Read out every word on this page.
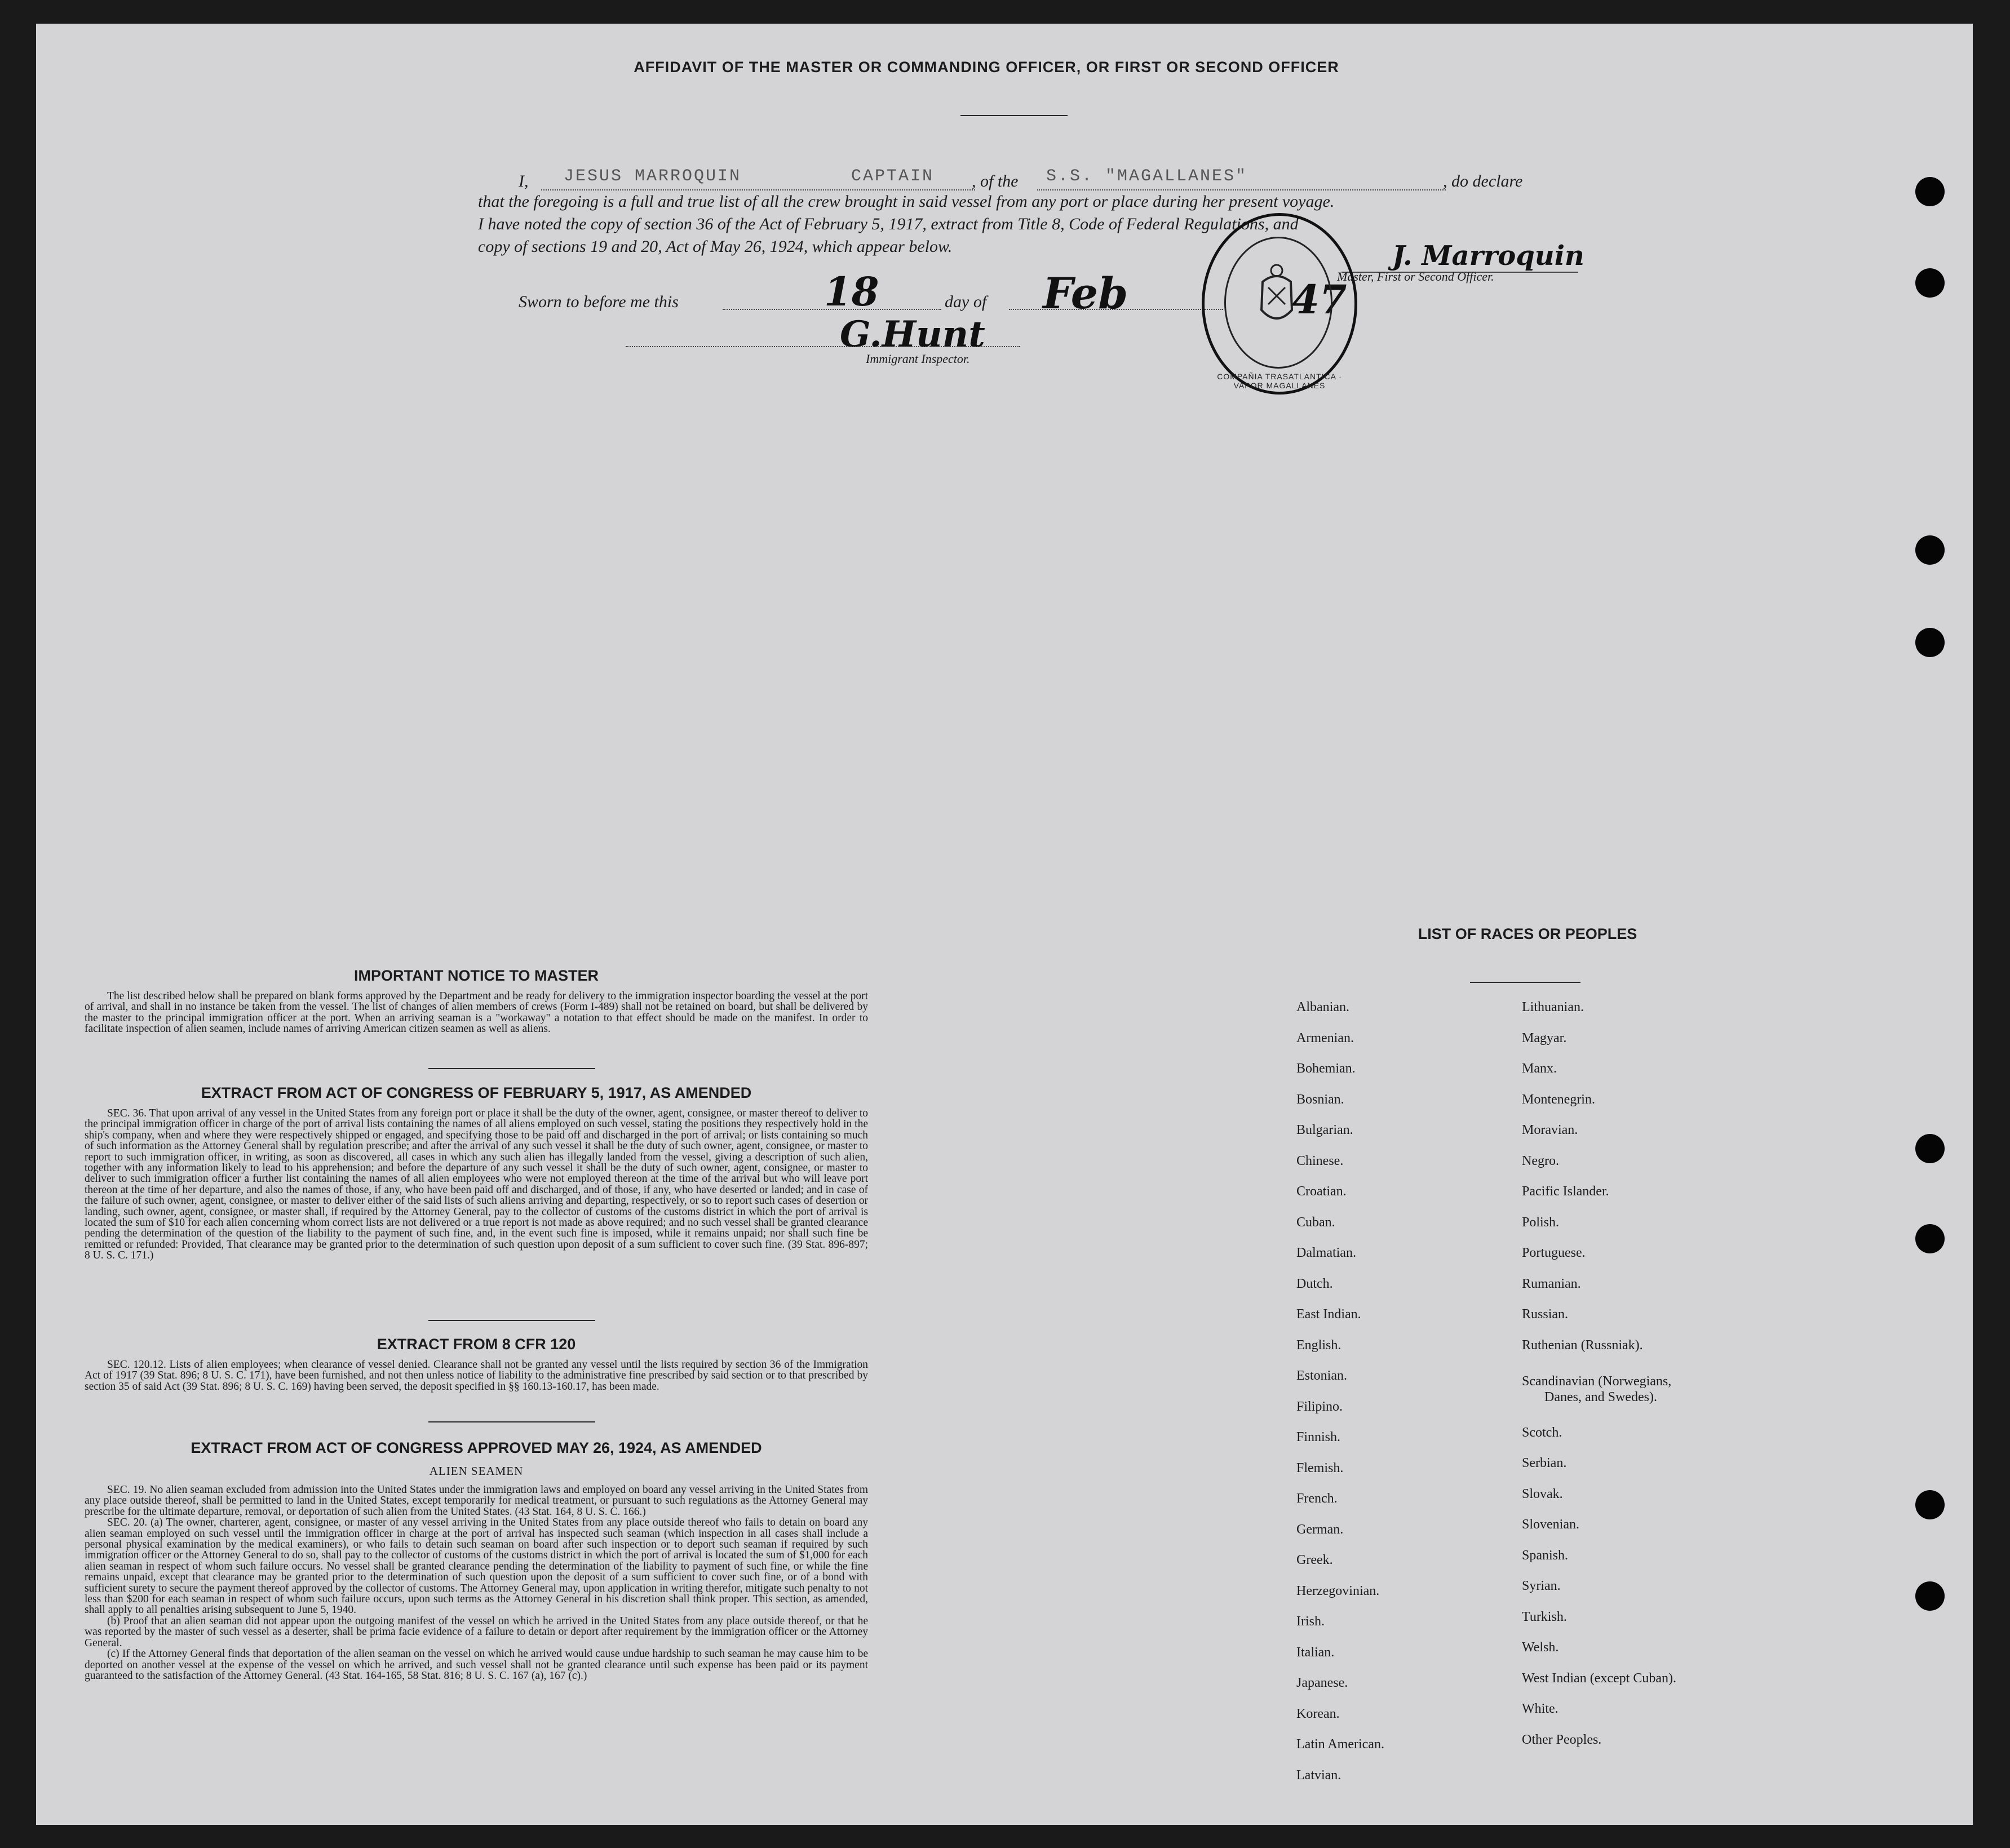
AFFIDAVIT OF THE MASTER OR COMMANDING OFFICER, OR FIRST OR SECOND OFFICER
I, JESUS MARROQUIN	CAPTAIN , of the S.S. "MAGALLANES"	, do declare
that the foregoing is a full and true list of all the crew brought in said vessel from any port or place during her present voyage.
I have noted the copy of section 36 of the Act of February 5, 1917, extract from Title 8, Code of Federal Regulations, and
copy of sections 19 and 20, Act of May 26, 1924, which appear below.
Sworn to before me this	18	day of Feb	47
J. Marroquin
Master, First or Second Officer.
G.Hunt
Immigrant Inspector.
COMPAÑIA TRASATLANTICA · VAPOR MAGALLANES
IMPORTANT NOTICE TO MASTER

The list described below shall be prepared on blank forms approved by the Department and be ready for delivery to the immigration inspector boarding the vessel at the port of arrival, and shall in no instance be taken from the vessel. The list of changes of alien members of crews (Form I-489) shall not be retained on board, but shall be delivered by the master to the principal immigration officer at the port. When an arriving seaman is a "workaway" a notation to that effect should be made on the manifest. In order to facilitate inspection of alien seamen, include names of arriving American citizen seamen as well as aliens.

EXTRACT FROM ACT OF CONGRESS OF FEBRUARY 5, 1917, AS AMENDED

SEC. 36. That upon arrival of any vessel in the United States from any foreign port or place it shall be the duty of the owner, agent, consignee, or master thereof to deliver to the principal immigration officer in charge of the port of arrival lists containing the names of all aliens employed on such vessel, stating the positions they respectively hold in the ship's company, when and where they were respectively shipped or engaged, and specifying those to be paid off and discharged in the port of arrival; or lists containing so much of such information as the Attorney General shall by regulation prescribe; and after the arrival of any such vessel it shall be the duty of such owner, agent, consignee, or master to report to such immigration officer, in writing, as soon as discovered, all cases in which any such alien has illegally landed from the vessel, giving a description of such alien, together with any information likely to lead to his apprehension; and before the departure of any such vessel it shall be the duty of such owner, agent, consignee, or master to deliver to such immigration officer a further list containing the names of all alien employees who were not employed thereon at the time of the arrival but who will leave port thereon at the time of her departure, and also the names of those, if any, who have been paid off and discharged, and of those, if any, who have deserted or landed; and in case of the failure of such owner, agent, consignee, or master to deliver either of the said lists of such aliens arriving and departing, respectively, or so to report such cases of desertion or landing, such owner, agent, consignee, or master shall, if required by the Attorney General, pay to the collector of customs of the customs district in which the port of arrival is located the sum of $10 for each alien concerning whom correct lists are not delivered or a true report is not made as above required; and no such vessel shall be granted clearance pending the determination of the question of the liability to the payment of such fine, and, in the event such fine is imposed, while it remains unpaid; nor shall such fine be remitted or refunded: Provided, That clearance may be granted prior to the determination of such question upon deposit of a sum sufficient to cover such fine. (39 Stat. 896-897; 8 U. S. C. 171.)

EXTRACT FROM 8 CFR 120

SEC. 120.12. Lists of alien employees; when clearance of vessel denied. Clearance shall not be granted any vessel until the lists required by section 36 of the Immigration Act of 1917 (39 Stat. 896; 8 U. S. C. 171), have been furnished, and not then unless notice of liability to the administrative fine prescribed by said section or to that prescribed by section 35 of said Act (39 Stat. 896; 8 U. S. C. 169) having been served, the deposit specified in §§ 160.13-160.17, has been made.

EXTRACT FROM ACT OF CONGRESS APPROVED MAY 26, 1924, AS AMENDED
ALIEN SEAMEN

SEC. 19. No alien seaman excluded from admission into the United States under the immigration laws and employed on board any vessel arriving in the United States from any place outside thereof, shall be permitted to land in the United States, except temporarily for medical treatment, or pursuant to such regulations as the Attorney General may prescribe for the ultimate departure, removal, or deportation of such alien from the United States. (43 Stat. 164, 8 U. S. C. 166.)

SEC. 20. (a) The owner, charterer, agent, consignee, or master of any vessel arriving in the United States from any place outside thereof who fails to detain on board any alien seaman employed on such vessel until the immigration officer in charge at the port of arrival has inspected such seaman (which inspection in all cases shall include a personal physical examination by the medical examiners), or who fails to detain such seaman on board after such inspection or to deport such seaman if required by such immigration officer or the Attorney General to do so, shall pay to the collector of customs of the customs district in which the port of arrival is located the sum of $1,000 for each alien seaman in respect of whom such failure occurs. No vessel shall be granted clearance pending the determination of the liability to payment of such fine, or while the fine remains unpaid, except that clearance may be granted prior to the determination of such question upon the deposit of a sum sufficient to cover such fine, or of a bond with sufficient surety to secure the payment thereof approved by the collector of customs. The Attorney General may, upon application in writing therefor, mitigate such penalty to not less than $200 for each seaman in respect of whom such failure occurs, upon such terms as the Attorney General in his discretion shall think proper. This section, as amended, shall apply to all penalties arising subsequent to June 5, 1940.

(b) Proof that an alien seaman did not appear upon the outgoing manifest of the vessel on which he arrived in the United States from any place outside thereof, or that he was reported by the master of such vessel as a deserter, shall be prima facie evidence of a failure to detain or deport after requirement by the immigration officer or the Attorney General.

(c) If the Attorney General finds that deportation of the alien seaman on the vessel on which he arrived would cause undue hardship to such seaman he may cause him to be deported on another vessel at the expense of the vessel on which he arrived, and such vessel shall not be granted clearance until such expense has been paid or its payment guaranteed to the satisfaction of the Attorney General. (43 Stat. 164-165, 58 Stat. 816; 8 U. S. C. 167 (a), 167 (c).)

LIST OF RACES OR PEOPLES
Albanian.
Armenian.
Bohemian.
Bosnian.
Bulgarian.
Chinese.
Croatian.
Cuban.
Dalmatian.
Dutch.
East Indian.
English.
Estonian.
Filipino.
Finnish.
Flemish.
French.
German.
Greek.
Herzegovinian.
Irish.
Italian.
Japanese.
Korean.
Latin American.
Latvian.
Lithuanian.
Magyar.
Manx.
Montenegrin.
Moravian.
Negro.
Pacific Islander.
Polish.
Portuguese.
Rumanian.
Russian.
Ruthenian (Russniak).
Scandinavian (Norwegians,
Danes, and Swedes).
Scotch.
Serbian.
Slovak.
Slovenian.
Spanish.
Syrian.
Turkish.
Welsh.
West Indian (except Cuban).
White.
Other Peoples.
